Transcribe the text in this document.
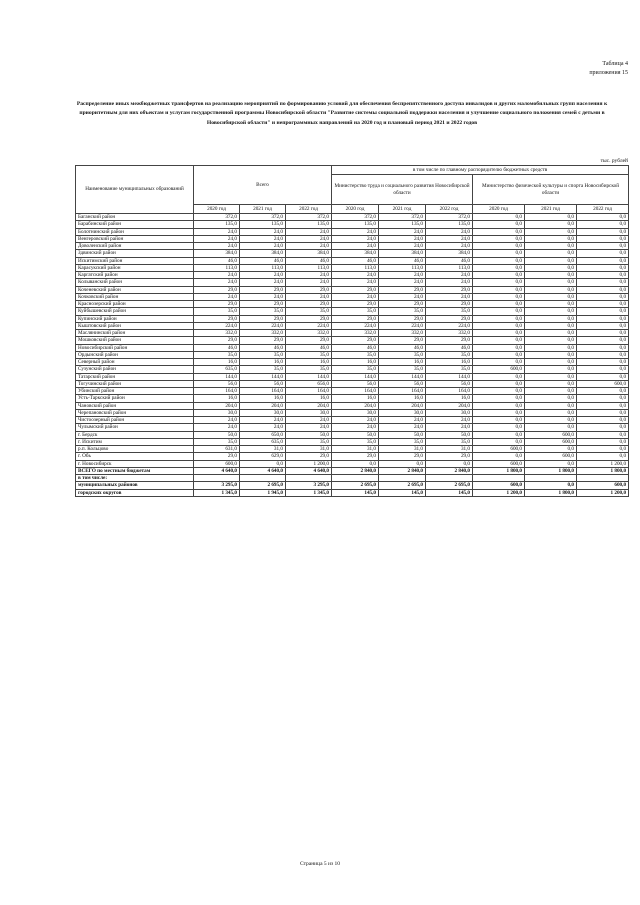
Таблица 4
приложения 15
Распределение иных межбюджетных трансфертов на реализацию мероприятий по формированию условий для обеспечения беспрепятственного доступа инвалидов и других маломобильных групп населения к приоритетным для них объектам и услугам государственной программы Новосибирской области "Развитие системы социальной поддержки населения и улучшение социального положения семей с детьми в Новосибирской области" и непрограммных направлений на 2020 год и плановый период 2021 и 2022 годов
тыс. рублей
Наименование муниципальных образований	Всего			в том числе по главному распорядителю бюджетных средств					
				Министерство труда и социального развития Новосибирской области			Министерство физической культуры и спорта Новосибирской области		
	2020 год	2021 год	2022 год	2020 год	2021 год	2022 год	2020 год	2021 год	2022 год
Баганский район	372,0	372,0	372,0	372,0	372,0	372,0	0,0	0,0	0,0
Барабинский район	135,0	135,0	135,0	135,0	135,0	135,0	0,0	0,0	0,0
Болотнинский район	24,0	24,0	24,0	24,0	24,0	24,0	0,0	0,0	0,0
Венгеровский район	24,0	24,0	24,0	24,0	24,0	24,0	0,0	0,0	0,0
Доволенский район	24,0	24,0	24,0	24,0	24,0	24,0	0,0	0,0	0,0
Здвинский район	384,0	384,0	384,0	384,0	384,0	384,0	0,0	0,0	0,0
Искитимский район	46,0	46,0	46,0	46,0	46,0	46,0	0,0	0,0	0,0
Карасукский район	113,0	113,0	113,0	113,0	113,0	113,0	0,0	0,0	0,0
Каргатский район	24,0	24,0	24,0	24,0	24,0	24,0	0,0	0,0	0,0
Колыванский район	24,0	24,0	24,0	24,0	24,0	24,0	0,0	0,0	0,0
Коченевский район	29,0	29,0	29,0	29,0	29,0	29,0	0,0	0,0	0,0
Кочковский район	24,0	24,0	24,0	24,0	24,0	24,0	0,0	0,0	0,0
Краснозерский район	29,0	29,0	29,0	29,0	29,0	29,0	0,0	0,0	0,0
Куйбышевский район	35,0	35,0	35,0	35,0	35,0	35,0	0,0	0,0	0,0
Купинский район	29,0	29,0	29,0	29,0	29,0	29,0	0,0	0,0	0,0
Кыштовский район	224,0	224,0	224,0	224,0	224,0	224,0	0,0	0,0	0,0
Маслянинский район	332,0	332,0	332,0	332,0	332,0	332,0	0,0	0,0	0,0
Мошковский район	29,0	29,0	29,0	29,0	29,0	29,0	0,0	0,0	0,0
Новосибирский район	46,0	46,0	46,0	46,0	46,0	46,0	0,0	0,0	0,0
Ордынский район	35,0	35,0	35,0	35,0	35,0	35,0	0,0	0,0	0,0
Северный район	16,0	16,0	16,0	16,0	16,0	16,0	0,0	0,0	0,0
Сузунский район	635,0	35,0	35,0	35,0	35,0	35,0	600,0	0,0	0,0
Татарский район	144,0	144,0	144,0	144,0	144,0	144,0	0,0	0,0	0,0
Тогучинский район	56,0	56,0	656,0	56,0	56,0	56,0	0,0	0,0	600,0
Убинский район	164,0	164,0	164,0	164,0	164,0	164,0	0,0	0,0	0,0
Усть-Таркский район	16,0	16,0	16,0	16,0	16,0	16,0	0,0	0,0	0,0
Чановский район	204,0	204,0	204,0	204,0	204,0	204,0	0,0	0,0	0,0
Черепановский район	30,0	30,0	30,0	30,0	30,0	30,0	0,0	0,0	0,0
Чистоозерный район	24,0	24,0	24,0	24,0	24,0	24,0	0,0	0,0	0,0
Чулымский район	24,0	24,0	24,0	24,0	24,0	24,0	0,0	0,0	0,0
г. Бердск	50,0	650,0	50,0	50,0	50,0	50,0	0,0	600,0	0,0
г. Искитим	35,0	635,0	35,0	35,0	35,0	35,0	0,0	600,0	0,0
р.п. Кольцово	631,0	31,0	31,0	31,0	31,0	31,0	600,0	0,0	0,0
г. Обь	29,0	629,0	29,0	29,0	29,0	29,0	0,0	600,0	0,0
г. Новосибирск	600,0	0,0	1 200,0	0,0	0,0	0,0	600,0	0,0	1 200,0
ВСЕГО по местным бюджетам	4 640,0	4 640,0	4 640,0	2 840,0	2 840,0	2 840,0	1 800,0	1 800,0	1 800,0
в том числе:									
муниципальных районов	3 295,0	2 695,0	3 295,0	2 695,0	2 695,0	2 695,0	600,0	0,0	600,0
городских округов	1 345,0	1 945,0	1 345,0	145,0	145,0	145,0	1 200,0	1 800,0	1 200,0
Страница 5 из 10
